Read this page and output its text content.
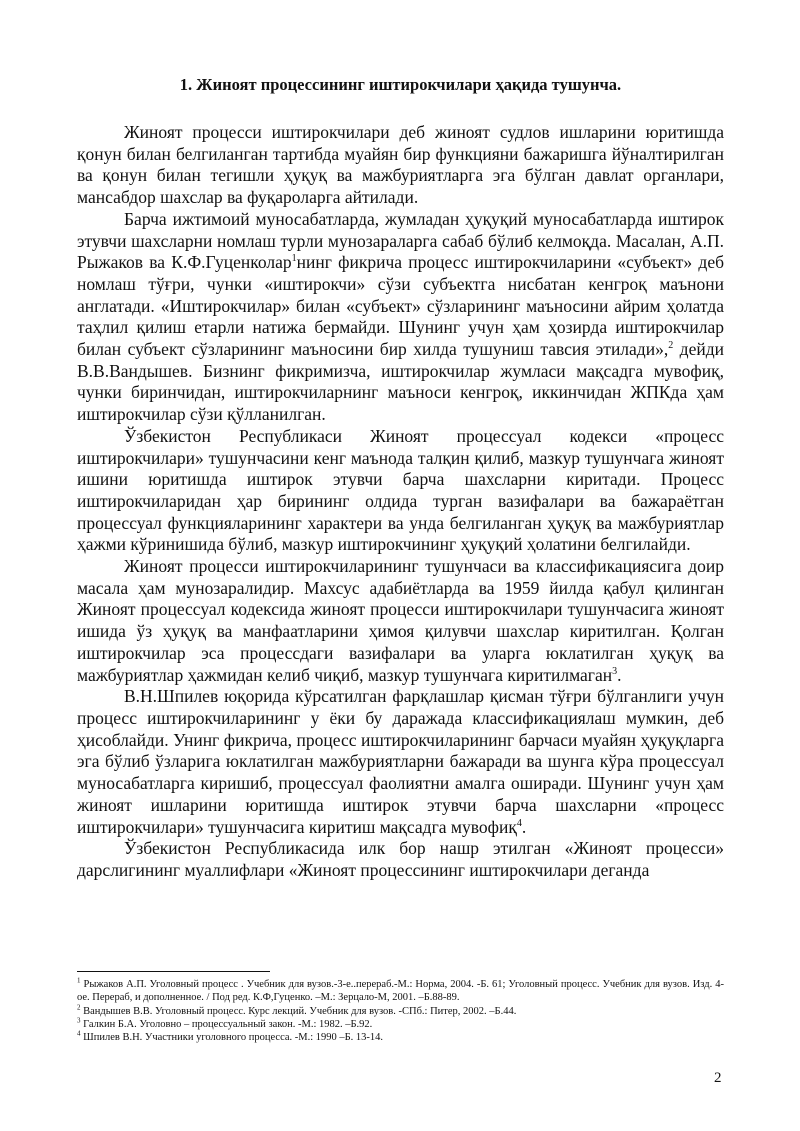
1. Жиноят процессининг иштирокчилари ҳақида тушунча.

Жиноят процесси иштирокчилари деб жиноят судлов ишларини юритишда қонун билан белгиланган тартибда муайян бир функцияни бажаришга йўналтирилган ва қонун билан тегишли ҳуқуқ ва мажбуриятларга эга бўлган давлат органлари, мансабдор шахслар ва фуқароларга айтилади.

Барча ижтимоий муносабатларда, жумладан ҳуқуқий муносабатларда иштирок этувчи шахсларни номлаш турли мунозараларга сабаб бўлиб келмоқда. Масалан, А.П. Рыжаков ва К.Ф.Гуценколар$^1$нинг фикрича процесс иштирокчиларини «субъект» деб номлаш тўғри, чунки «иштирокчи» сўзи субъектга нисбатан кенгроқ маънони англатади. «Иштирокчилар» билан «субъект» сўзларининг маъносини айрим ҳолатда таҳлил қилиш етарли натижа бермайди. Шунинг учун ҳам ҳозирда иштирокчилар билан субъект сўзларининг маъносини бир хилда тушуниш тавсия этилади»,$^2$ дейди В.В.Вандышев. Бизнинг фикримизча, иштирокчилар жумласи мақсадга мувофиқ, чунки биринчидан, иштирокчиларнинг маъноси кенгроқ, иккинчидан ЖПКда ҳам иштирокчилар сўзи қўлланилган.

Ўзбекистон Республикаси Жиноят процессуал кодекси «процесс иштирокчилари» тушунчасини кенг маънода талқин қилиб, мазкур тушунчага жиноят ишини юритишда иштирок этувчи барча шахсларни киритади. Процесс иштирокчиларидан ҳар бирининг олдида турган вазифалари ва бажараётган процессуал функцияларининг характери ва унда белгиланган ҳуқуқ ва мажбуриятлар ҳажми кўринишида бўлиб, мазкур иштирокчининг ҳуқуқий ҳолатини белгилайди.

Жиноят процесси иштирокчиларининг тушунчаси ва классификациясига доир масала ҳам мунозаралидир. Махсус адабиётларда ва 1959 йилда қабул қилинган Жиноят процессуал кодексида жиноят процесси иштирокчилари тушунчасига жиноят ишида ўз ҳуқуқ ва манфаатларини ҳимоя қилувчи шахслар киритилган. Қолган иштирокчилар эса процессдаги вазифалари ва уларга юклатилган ҳуқуқ ва мажбуриятлар ҳажмидан келиб чиқиб, мазкур тушунчага киритилмаган$^3$.

В.Н.Шпилев юқорида кўрсатилган фарқлашлар қисман тўғри бўлганлиги учун процесс иштирокчиларининг у ёки бу даражада классификациялаш мумкин, деб ҳисоблайди. Унинг фикрича, процесс иштирокчиларининг барчаси муайян ҳуқуқларга эга бўлиб ўзларига юклатилган мажбуриятларни бажаради ва шунга кўра процессуал муносабатларга киришиб, процессуал фаолиятни амалга оширади. Шунинг учун ҳам жиноят ишларини юритишда иштирок этувчи барча шахсларни «процесс иштирокчилари» тушунчасига киритиш мақсадга мувофиқ$^4$.

Ўзбекистон Республикасида илк бор нашр этилган «Жиноят процесси» дарслигининг муаллифлари «Жиноят процессининг иштирокчилари деганда

$^1$ Рыжаков А.П. Уголовный процесс . Учебник для вузов.-3-е..перераб.-М.: Норма, 2004. -Б. 61; Уголовный процесс. Учебник для вузов. Изд. 4-ое. Перераб, и дополненное. / Под ред. К.Ф,Гуценко. –М.: Зерцало-М, 2001. –Б.88-89.

$^2$ Вандышев В.В. Уголовный процесс. Курс лекций. Учебник для вузов. -СПб.: Питер, 2002. –Б.44.

$^3$ Галкин Б.А. Уголовно – процессуальный закон. -М.: 1982. –Б.92.

$^4$ Шпилев В.Н. Участники уголовного процесса. -М.: 1990 –Б. 13-14.

2
